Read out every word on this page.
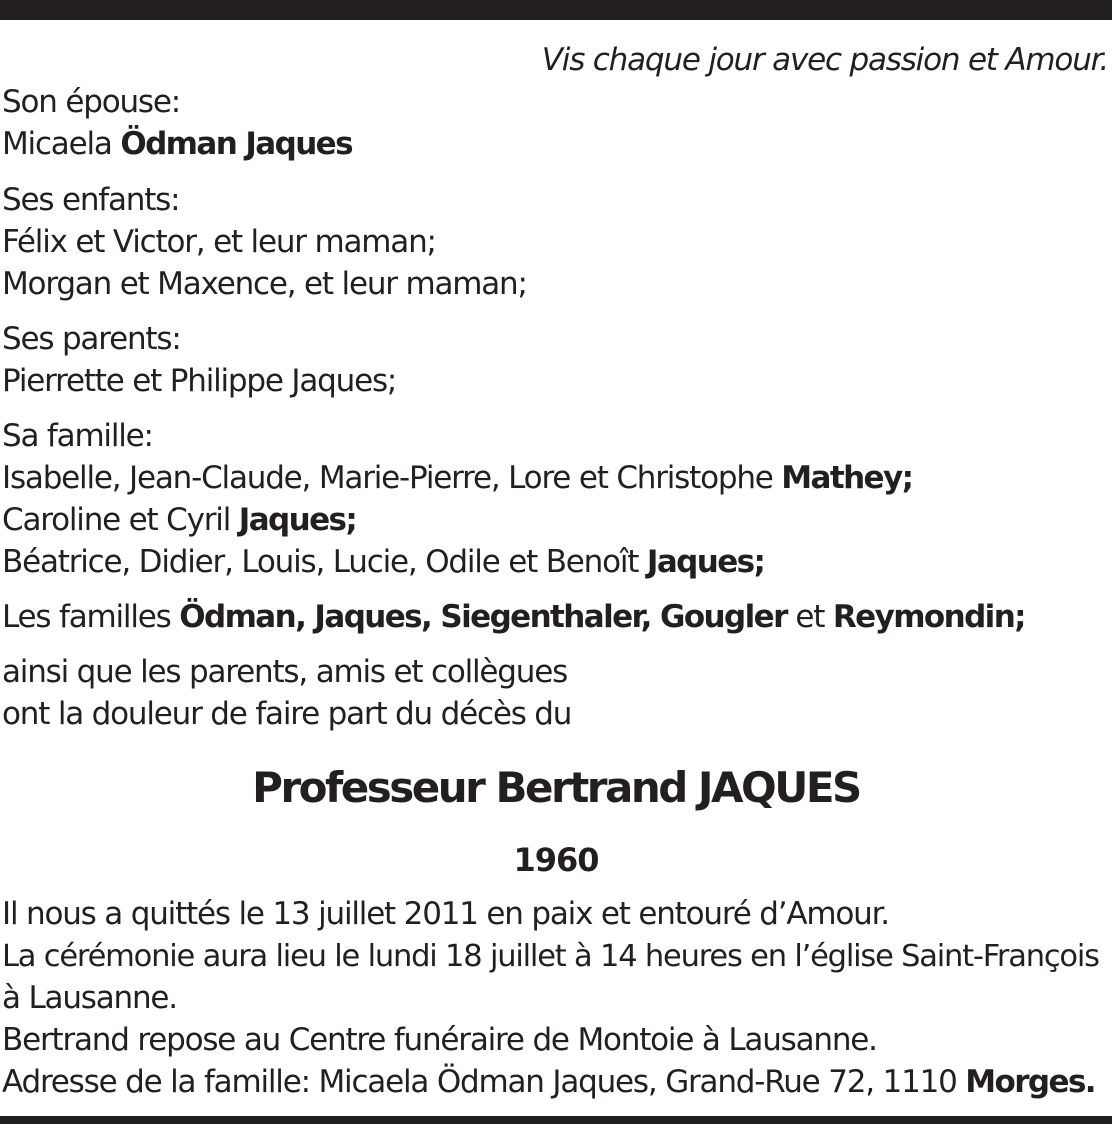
Vis chaque jour avec passion et Amour.
Son épouse:
Micaela Ödman Jaques
Ses enfants:
Félix et Victor, et leur maman;
Morgan et Maxence, et leur maman;
Ses parents:
Pierrette et Philippe Jaques;
Sa famille:
Isabelle, Jean-Claude, Marie-Pierre, Lore et Christophe Mathey;
Caroline et Cyril Jaques;
Béatrice, Didier, Louis, Lucie, Odile et Benoît Jaques;
Les familles Ödman, Jaques, Siegenthaler, Gougler et Reymondin;
ainsi que les parents, amis et collègues
ont la douleur de faire part du décès du
Il nous a quittés le 13 juillet 2011 en paix et entouré d’Amour.
La cérémonie aura lieu le lundi 18 juillet à 14 heures en l’église Saint-François
à Lausanne.
Bertrand repose au Centre funéraire de Montoie à Lausanne.
Adresse de la famille: Micaela Ödman Jaques, Grand-Rue 72, 1110 Morges.
Professeur Bertrand JAQUES
1960
